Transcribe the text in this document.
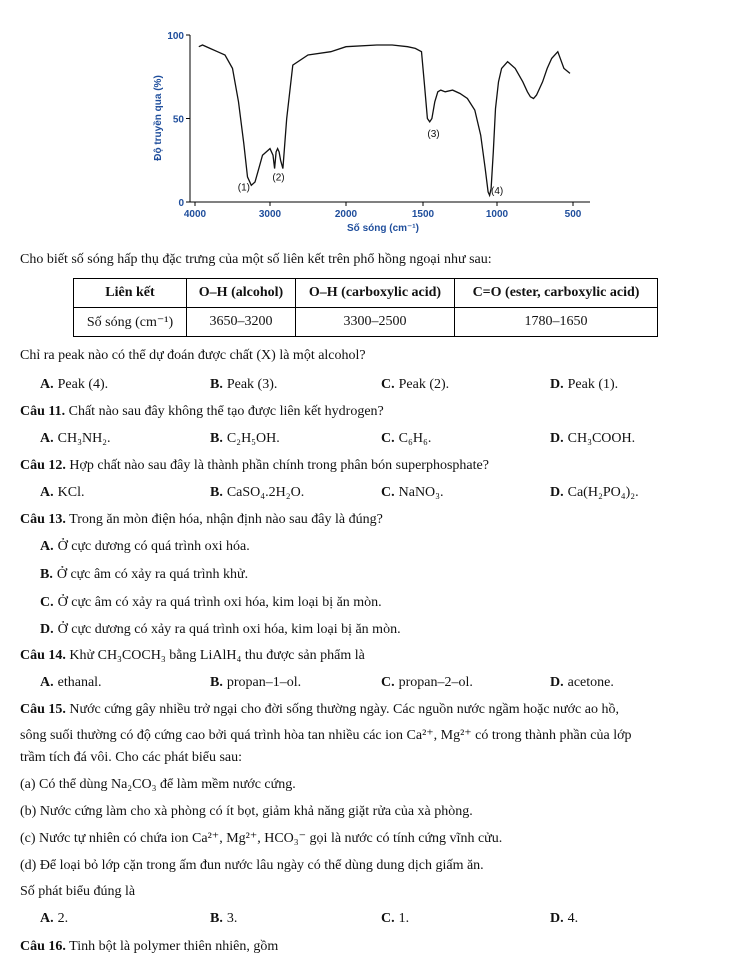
0
50
100
4000	3000	2000	1500	1000	500
Số sóng (cm⁻¹)
Độ truyền qua (%)
(1)
(2)
(3)
(4)
Cho biết số sóng hấp thụ đặc trưng của một số liên kết trên phổ hồng ngoại như sau:
Liên kết	O–H (alcohol)	O–H (carboxylic acid)	C=O (ester, carboxylic acid)
Số sóng (cm⁻¹)	3650–3200	3300–2500	1780–1650
Chỉ ra peak nào có thể dự đoán được chất (X) là một alcohol?
A. Peak (4).	B. Peak (3).	C. Peak (2).	D. Peak (1).
Câu 11. Chất nào sau đây không thể tạo được liên kết hydrogen?
A. CH₃NH₂.	B. C₂H₅OH.	C. C₆H₆.	D. CH₃COOH.
Câu 12. Hợp chất nào sau đây là thành phần chính trong phân bón superphosphate?
A. KCl.	B. CaSO₄.2H₂O.	C. NaNO₃.	D. Ca(H₂PO₄)₂.
Câu 13. Trong ăn mòn điện hóa, nhận định nào sau đây là đúng?
A. Ở cực dương có quá trình oxi hóa.
B. Ở cực âm có xảy ra quá trình khử.
C. Ở cực âm có xảy ra quá trình oxi hóa, kim loại bị ăn mòn.
D. Ở cực dương có xảy ra quá trình oxi hóa, kim loại bị ăn mòn.
Câu 14. Khử CH₃COCH₃ bằng LiAlH₄ thu được sản phẩm là
A. ethanal.	B. propan–1–ol.	C. propan–2–ol.	D. acetone.
Câu 15. Nước cứng gây nhiều trở ngại cho đời sống thường ngày. Các nguồn nước ngầm hoặc nước ao hồ,
sông suối thường có độ cứng cao bởi quá trình hòa tan nhiều các ion Ca²⁺, Mg²⁺ có trong thành phần của lớp
trầm tích đá vôi. Cho các phát biểu sau:
(a) Có thể dùng Na₂CO₃ để làm mềm nước cứng.
(b) Nước cứng làm cho xà phòng có ít bọt, giảm khả năng giặt rửa của xà phòng.
(c) Nước tự nhiên có chứa ion Ca²⁺, Mg²⁺, HCO₃⁻ gọi là nước có tính cứng vĩnh cửu.
(d) Để loại bỏ lớp cặn trong ấm đun nước lâu ngày có thể dùng dung dịch giấm ăn.
Số phát biểu đúng là
A. 2.	B. 3.	C. 1.	D. 4.
Câu 16. Tinh bột là polymer thiên nhiên, gồm
